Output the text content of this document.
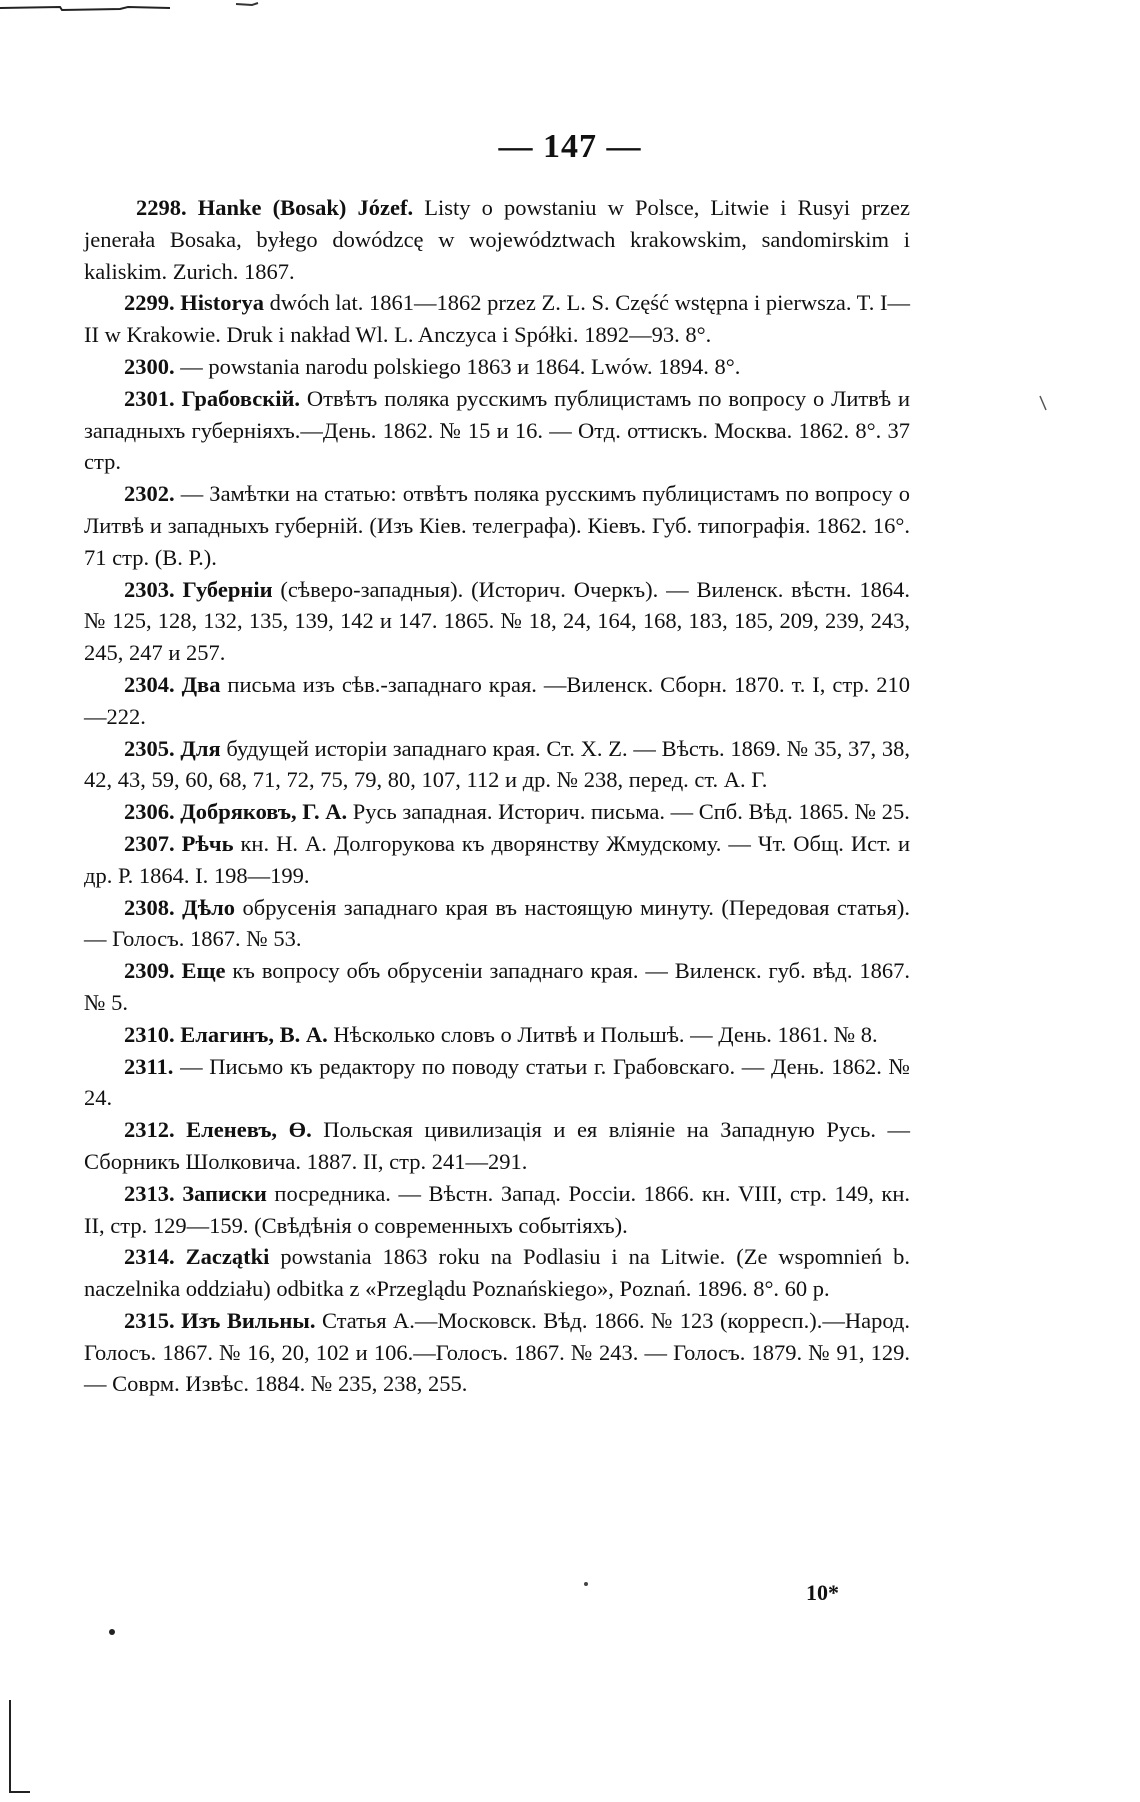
— 147 —

2298. Hanke (Bosak) Józef. Listy o powstaniu w Polsce, Litwie i Rusyi przez jenerała Bosaka, byłego dowódzcę w województwach krakowskim, sandomirskim i kaliskim. Zurich. 1867.

2299. Historya dwóch lat. 1861—1862 przez Z. L. S. Część wstępna i pierwsza. T. I—II w Krakowie. Druk i nakład Wl. L. Anczyca i Spółki. 1892—93. 8°.

2300. — powstania narodu polskiego 1863 и 1864. Lwów. 1894. 8°.

2301. Грабовскiй. Отвѣтъ поляка русскимъ публицистамъ по вопросу о Литвѣ и западныхъ губерніяхъ.—День. 1862. № 15 и 16. — Отд. оттискъ. Москва. 1862. 8°. 37 стр.

2302. — Замѣтки на статью: отвѣтъ поляка русскимъ публицистамъ по вопросу о Литвѣ и западныхъ губерній. (Изъ Кiев. телеграфа). Кіевъ. Губ. типографія. 1862. 16°. 71 стр. (В. Р.).

2303. Губерніи (сѣверо-западныя). (Историч. Очеркъ). — Виленск. вѣстн. 1864. № 125, 128, 132, 135, 139, 142 и 147. 1865. № 18, 24, 164, 168, 183, 185, 209, 239, 243, 245, 247 и 257.

2304. Два письма изъ сѣв.-западнаго края. —Виленск. Сборн. 1870. т. I, стр. 210—222.

2305. Для будущей исторіи западнаго края. Ст. Х. Z. — Вѣсть. 1869. № 35, 37, 38, 42, 43, 59, 60, 68, 71, 72, 75, 79, 80, 107, 112 и др. № 238, перед. ст. А. Г.

2306. Добряковъ, Г. А. Русь западная. Историч. письма. — Спб. Вѣд. 1865. № 25.

2307. Рѣчь кн. Н. А. Долгорукова къ дворянству Жмудскому. — Чт. Общ. Ист. и др. Р. 1864. I. 198—199.

2308. Дѣло обрусенія западнаго края въ настоящую минуту. (Передовая статья). — Голосъ. 1867. № 53.

2309. Еще къ вопросу объ обрусеніи западнаго края. — Виленск. губ. вѣд. 1867. № 5.

2310. Елагинъ, В. А. Нѣсколько словъ о Литвѣ и Польшѣ. — День. 1861. № 8.

2311. — Письмо къ редактору по поводу статьи г. Грабовскаго. — День. 1862. № 24.

2312. Еленевъ, Ө. Польская цивилизація и ея вліяніе на Западную Русь. — Сборникъ Шолковича. 1887. II, стр. 241—291.

2313. Записки посредника. — Вѣстн. Запад. Россіи. 1866. кн. VIII, стр. 149, кн. II, стр. 129—159. (Свѣдѣнія о современныхъ событіяхъ).

2314. Zaczątki powstania 1863 roku na Podlasiu i na Litwie. (Ze wspomnień b. naczelnika oddziału) odbitka z «Przeglądu Poznańskiego», Poznań. 1896. 8°. 60 p.

2315. Изъ Вильны. Статья А.—Московск. Вѣд. 1866. № 123 (корресп.).—Народ. Голосъ. 1867. № 16, 20, 102 и 106.—Голосъ. 1867. № 243. — Голосъ. 1879. № 91, 129. — Соврм. Извѣс. 1884. № 235, 238, 255.

10*
